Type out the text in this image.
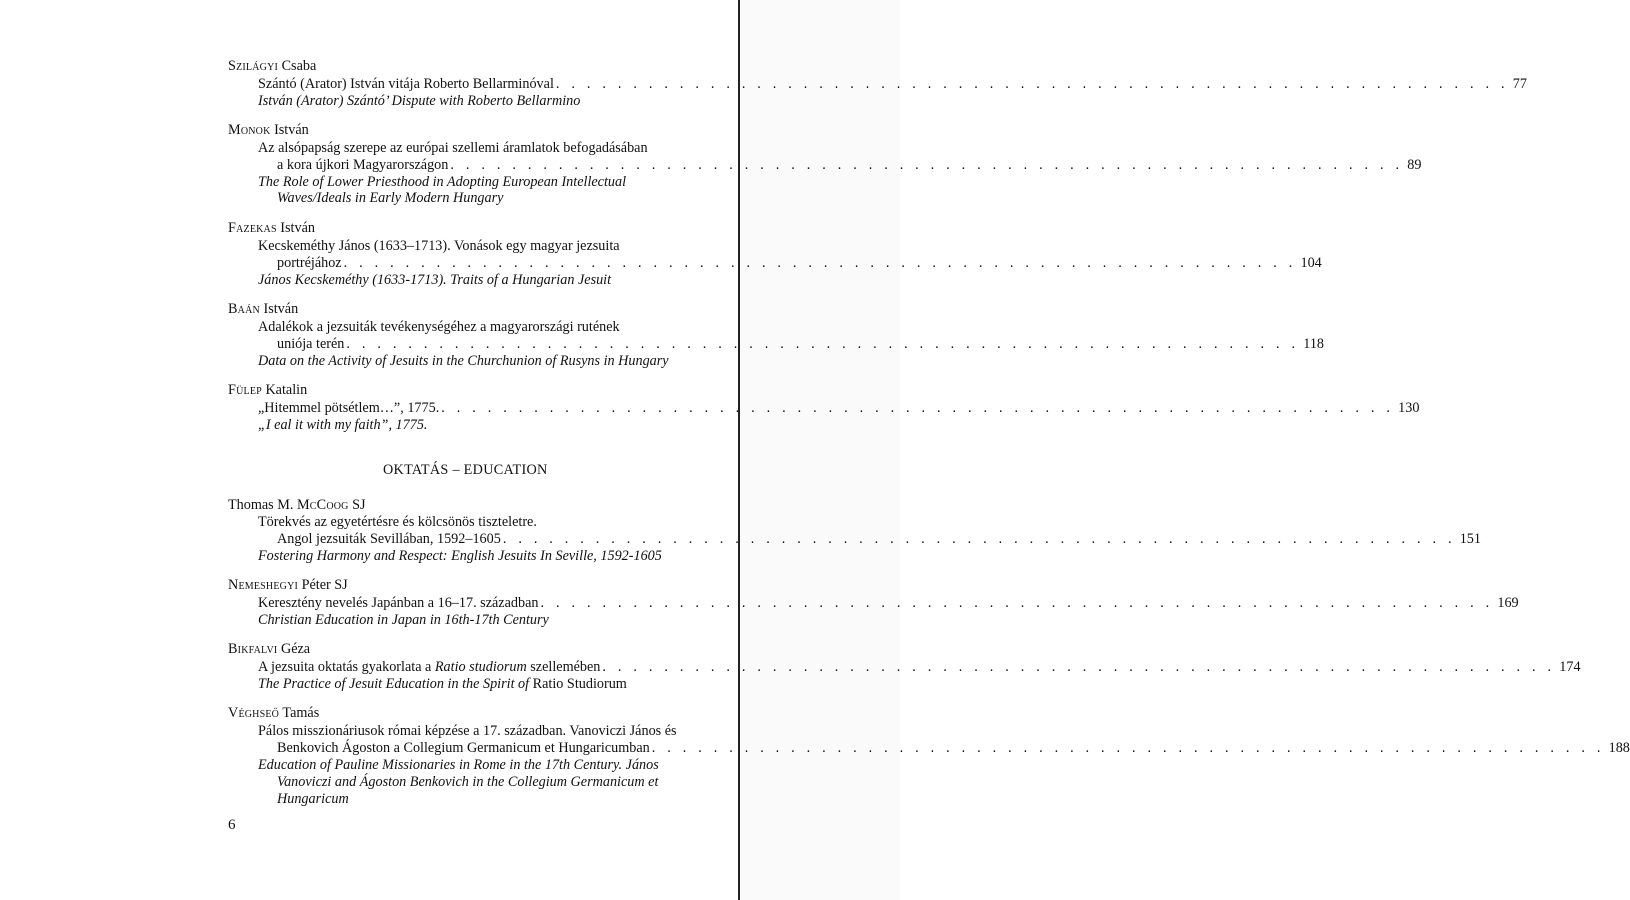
Szilágyi Csaba
Szántó (Arator) István vitája Roberto Bellarminóval . . . . . . . . . . . . . . . . . . . . . . . . . . . . . . . . . . . . . . . . . . . . . . . . . . . . . . . . . . . . . . 77
István (Arator) Szántó’ Dispute with Roberto Bellarmino
Monok István
Az alsópapság szerepe az európai szellemi áramlatok befogadásában
a kora újkori Magyarországon . . . . . . . . . . . . . . . . . . . . . . . . . . . . . . . . . . . . . . . . . . . . . . . . . . . . . . . . . . . . . . 89
The Role of Lower Priesthood in Adopting European Intellectual
Waves/Ideals in Early Modern Hungary
Fazekas István
Kecskeméthy János (1633–1713). Vonások egy magyar jezsuita
portréjához . . . . . . . . . . . . . . . . . . . . . . . . . . . . . . . . . . . . . . . . . . . . . . . . . . . . . . . . . . . . . . 104
János Kecskeméthy (1633-1713). Traits of a Hungarian Jesuit
Baán István
Adalékok a jezsuiták tevékenységéhez a magyarországi rutének
uniója terén . . . . . . . . . . . . . . . . . . . . . . . . . . . . . . . . . . . . . . . . . . . . . . . . . . . . . . . . . . . . . . 118
Data on the Activity of Jesuits in the Churchunion of Rusyns in Hungary
Fülep Katalin
„Hitemmel pötsétlem…”, 1775. . . . . . . . . . . . . . . . . . . . . . . . . . . . . . . . . . . . . . . . . . . . . . . . . . . . . . . . . . . . . . . 130
„I eal it with my faith”, 1775.
OKTATÁS – EDUCATION
Thomas M. McCoog SJ
Törekvés az egyetértésre és kölcsönös tiszteletre.
Angol jezsuiták Sevillában, 1592–1605 . . . . . . . . . . . . . . . . . . . . . . . . . . . . . . . . . . . . . . . . . . . . . . . . . . . . . . . . . . . . . . 151
Fostering Harmony and Respect: English Jesuits In Seville, 1592-1605
Nemeshegyi Péter SJ
Keresztény nevelés Japánban a 16–17. században . . . . . . . . . . . . . . . . . . . . . . . . . . . . . . . . . . . . . . . . . . . . . . . . . . . . . . . . . . . . . . 169
Christian Education in Japan in 16th-17th Century
Bikfalvi Géza
A jezsuita oktatás gyakorlata a Ratio studiorum szellemében . . . . . . . . . . . . . . . . . . . . . . . . . . . . . . . . . . . . . . . . . . . . . . . . . . . . . . . . . . . . . . 174
The Practice of Jesuit Education in the Spirit of Ratio Studiorum
Végh‍seő Tamás
Pálos misszionáriusok római képzése a 17. században. Vanoviczi János és
Benkovich Ágoston a Collegium Germanicum et Hungaricumban . . . . . . . . . . . . . . . . . . . . . . . . . . . . . . . . . . . . . . . . . . . . . . . . . . . . . . . . . . . . . . 188
Education of Pauline Missionaries in Rome in the 17th Century. János
Vanoviczi and Ágoston Benkovich in the Collegium Germanicum et
Hungaricum
6
